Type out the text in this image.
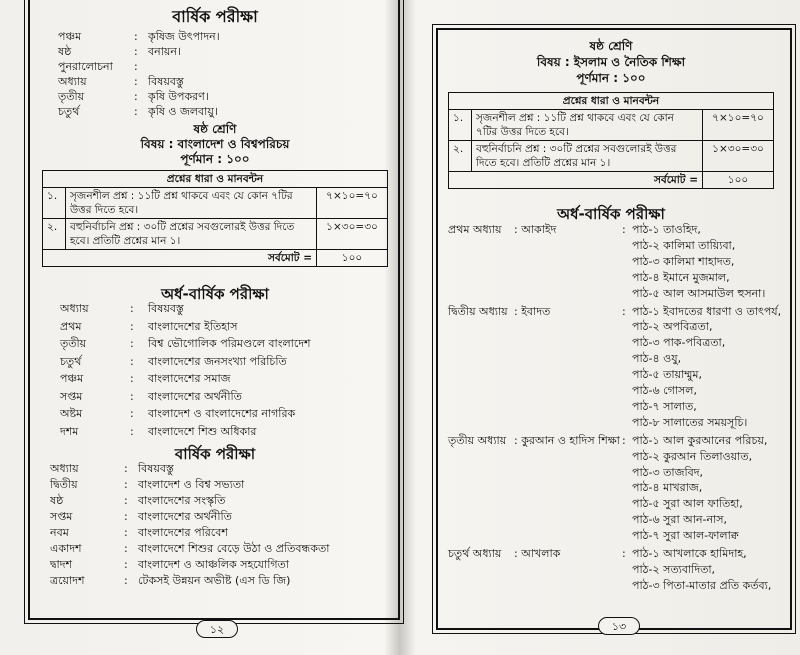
বার্ষিক পরীক্ষা
পঞ্চম	: কৃষিজ উৎপাদন।
ষষ্ঠ	: বনায়ন।
পুনরালোচনা :
অধ্যায়	: বিষয়বস্তু
তৃতীয়	: কৃষি উপকরণ।
চতুর্থ	: কৃষি ও জলবায়ু।
ষষ্ঠ শ্রেণি
বিষয় : বাংলাদেশ ও বিশ্বপরিচয়
পূর্ণমান : ১০০
প্রশ্নের ধারা ও মানবন্টন		
১.	সৃজনশীল প্রশ্ন : ১১টি প্রশ্ন থাকবে এবং যে কোন ৭টির উত্তর দিতে হবে।	৭×১০=৭০
২.	বহুনির্বাচনি প্রশ্ন : ৩০টি প্রশ্নের সবগুলোরই উত্তর দিতে হবে। প্রতিটি প্রশ্নের মান ১।	১×৩০=৩০
সর্বমোট =		১০০
অর্ধ-বার্ষিক পরীক্ষা
অধ্যায়	: বিষয়বস্তু
প্রথম	: বাংলাদেশের ইতিহাস
তৃতীয়	: বিশ্ব ভৌগোলিক পরিমণ্ডলে বাংলাদেশ
চতুর্থ	: বাংলাদেশের জনসংখ্যা পরিচিতি
পঞ্চম	: বাংলাদেশের সমাজ
সপ্তম	: বাংলাদেশের অর্থনীতি
অষ্টম	: বাংলাদেশ ও বাংলাদেশের নাগরিক
দশম	: বাংলাদেশে শিশু অধিকার
বার্ষিক পরীক্ষা
অধ্যায়	: বিষয়বস্তু
দ্বিতীয়	: বাংলাদেশ ও বিশ্ব সভ্যতা
ষষ্ঠ	: বাংলাদেশের সংস্কৃতি
সপ্তম	: বাংলাদেশের অর্থনীতি
নবম	: বাংলাদেশের পরিবেশ
একাদশ	: বাংলাদেশে শিশুর বেড়ে উঠা ও প্রতিবন্ধকতা
দ্বাদশ	: বাংলাদেশ ও আঞ্চলিক সহযোগিতা
ত্রয়োদশ	: টেকসই উন্নয়ন অভীষ্ট (এস ডি জি)
১২
ষষ্ঠ শ্রেণি
বিষয় : ইসলাম ও নৈতিক শিক্ষা
পূর্ণমান : ১০০
প্রশ্নের ধারা ও মানবন্টন		
১.	সৃজনশীল প্রশ্ন : ১১টি প্রশ্ন থাকবে এবং যে কোন ৭টির উত্তর দিতে হবে।	৭×১০=৭০
২.	বহুনির্বাচনি প্রশ্ন : ৩০টি প্রশ্নের সবগুলোরই উত্তর দিতে হবে। প্রতিটি প্রশ্নের মান ১।	১×৩০=৩০
সর্বমোট =		১০০
অর্ধ-বার্ষিক পরীক্ষা
প্রথম অধ্যায় : আকাইদ	: পাঠ-১ তাওহিদ,
পাঠ-২ কালিমা তায়্যিবা,
পাঠ-৩ কালিমা শাহাদত,
পাঠ-৪ ইমানে মুজমাল,
পাঠ-৫ আল আসমাউল হুসনা।
দ্বিতীয় অধ্যায় : ইবাদত	: পাঠ-১ ইবাদতের ধারণা ও তাৎপর্য,
পাঠ-২ অপবিত্রতা,
পাঠ-৩ পাক-পবিত্রতা,
পাঠ-৪ ওযু,
পাঠ-৫ তায়াম্মুম,
পাঠ-৬ গোসল,
পাঠ-৭ সালাত,
পাঠ-৮ সালাতের সময়সূচি।
তৃতীয় অধ্যায় : কুরআন ও হাদিস শিক্ষা : পাঠ-১ আল কুরআনের পরিচয়,
পাঠ-২ কুরআন তিলাওয়াত,
পাঠ-৩ তাজবিদ,
পাঠ-৪ মাখরাজ,
পাঠ-৫ সুরা আল ফাতিহা,
পাঠ-৬ সুরা আন-নাস,
পাঠ-৭ সুরা আল-ফালাক্ব
চতুর্থ অধ্যায় : আখলাক	: পাঠ-১ আখলাকে হামিদাহ,
পাঠ-২ সত্যবাদিতা,
পাঠ-৩ পিতা-মাতার প্রতি কর্তব্য,
১৩
